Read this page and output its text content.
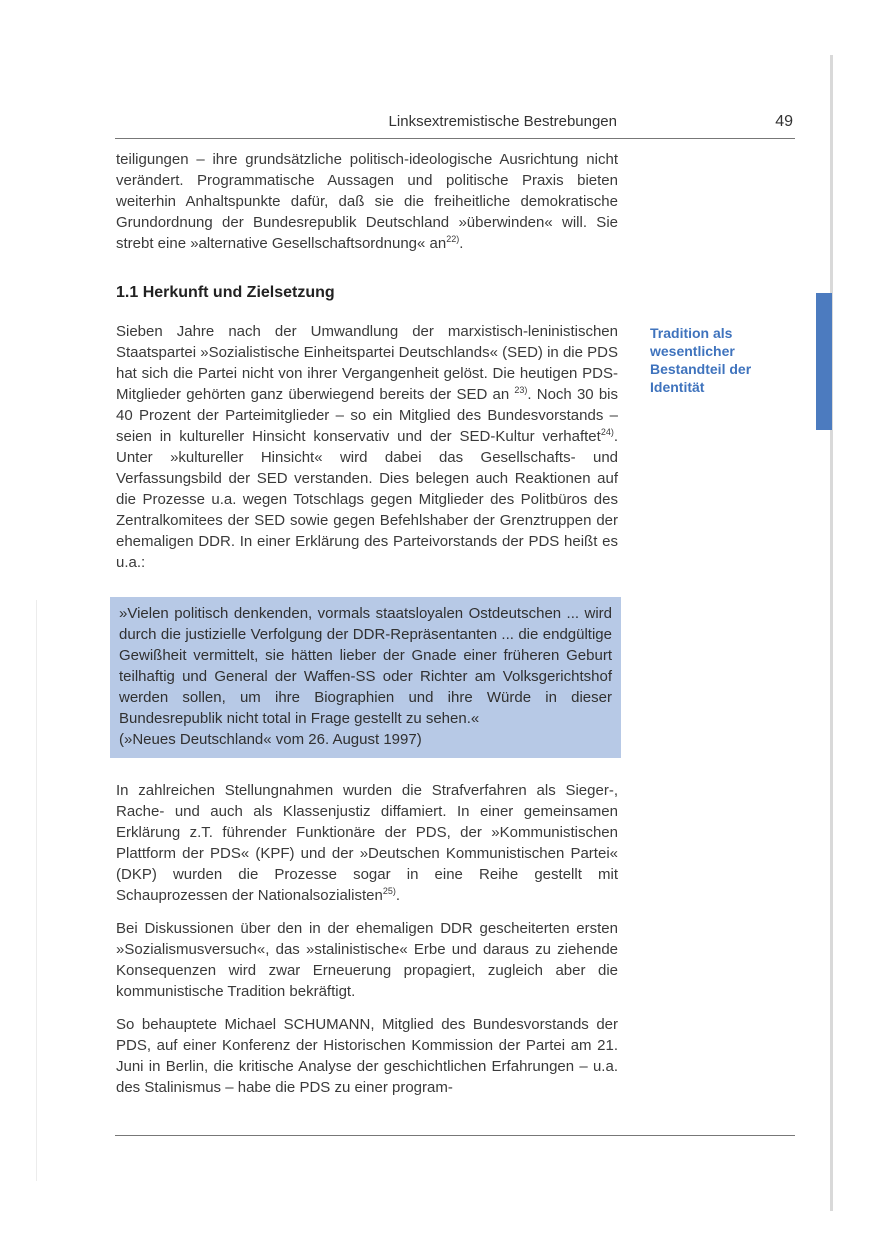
Linksextremistische Bestrebungen	49

teiligungen – ihre grundsätzliche politisch-ideologische Ausrichtung nicht verändert. Programmatische Aussagen und politische Praxis bieten weiterhin Anhaltspunkte dafür, daß sie die freiheitliche demokratische Grundordnung der Bundesrepublik Deutschland »überwinden« will. Sie strebt eine »alternative Gesellschaftsordnung« $an^{22)}$.

1.1 Herkunft und Zielsetzung

Sieben Jahre nach der Umwandlung der marxistisch-leninistischen Staatspartei »Sozialistische Einheitspartei Deutschlands« (SED) in die PDS hat sich die Partei nicht von ihrer Vergangenheit gelöst. Die heutigen PDS-Mitglieder gehörten ganz überwiegend bereits der SED an $^{23)}$. Noch 30 bis 40 Prozent der Parteimitglieder – so ein Mitglied des Bundesvorstands – seien in kultureller Hinsicht konservativ und der SED-Kultur verhaftet$^{24)}$. Unter »kultureller Hinsicht« wird dabei das Gesellschafts- und Verfassungsbild der SED verstanden. Dies belegen auch Reaktionen auf die Prozesse u.a. wegen Totschlags gegen Mitglieder des Politbüros des Zentralkomitees der SED sowie gegen Befehlshaber der Grenztruppen der ehemaligen DDR. In einer Erklärung des Parteivorstands der PDS heißt es u.a.:

»Vielen politisch denkenden, vormals staatsloyalen Ostdeutschen ... wird durch die justizielle Verfolgung der DDR-Repräsentanten ... die endgültige Gewißheit vermittelt, sie hätten lieber der Gnade einer früheren Geburt teilhaftig und General der Waffen-SS oder Richter am Volksgerichtshof werden sollen, um ihre Biographien und ihre Würde in dieser Bundesrepublik nicht total in Frage gestellt zu sehen.«

(»Neues Deutschland« vom 26. August 1997)

In zahlreichen Stellungnahmen wurden die Strafverfahren als Sieger-, Rache- und auch als Klassenjustiz diffamiert. In einer gemeinsamen Erklärung z.T. führender Funktionäre der PDS, der »Kommunistischen Plattform der PDS« (KPF) und der »Deutschen Kommunistischen Partei« (DKP) wurden die Prozesse sogar in eine Reihe gestellt mit Schauprozessen der Nationalsozialisten$^{25)}$.

Bei Diskussionen über den in der ehemaligen DDR gescheiterten ersten »Sozialismusversuch«, das »stalinistische« Erbe und daraus zu ziehende Konsequenzen wird zwar Erneuerung propagiert, zugleich aber die kommunistische Tradition bekräftigt.

So behauptete Michael SCHUMANN, Mitglied des Bundesvorstands der PDS, auf einer Konferenz der Historischen Kommission der Partei am 21. Juni in Berlin, die kritische Analyse der geschichtlichen Erfahrungen – u.a. des Stalinismus – habe die PDS zu einer program-

Tradition als wesentlicher Bestandteil der Identität
